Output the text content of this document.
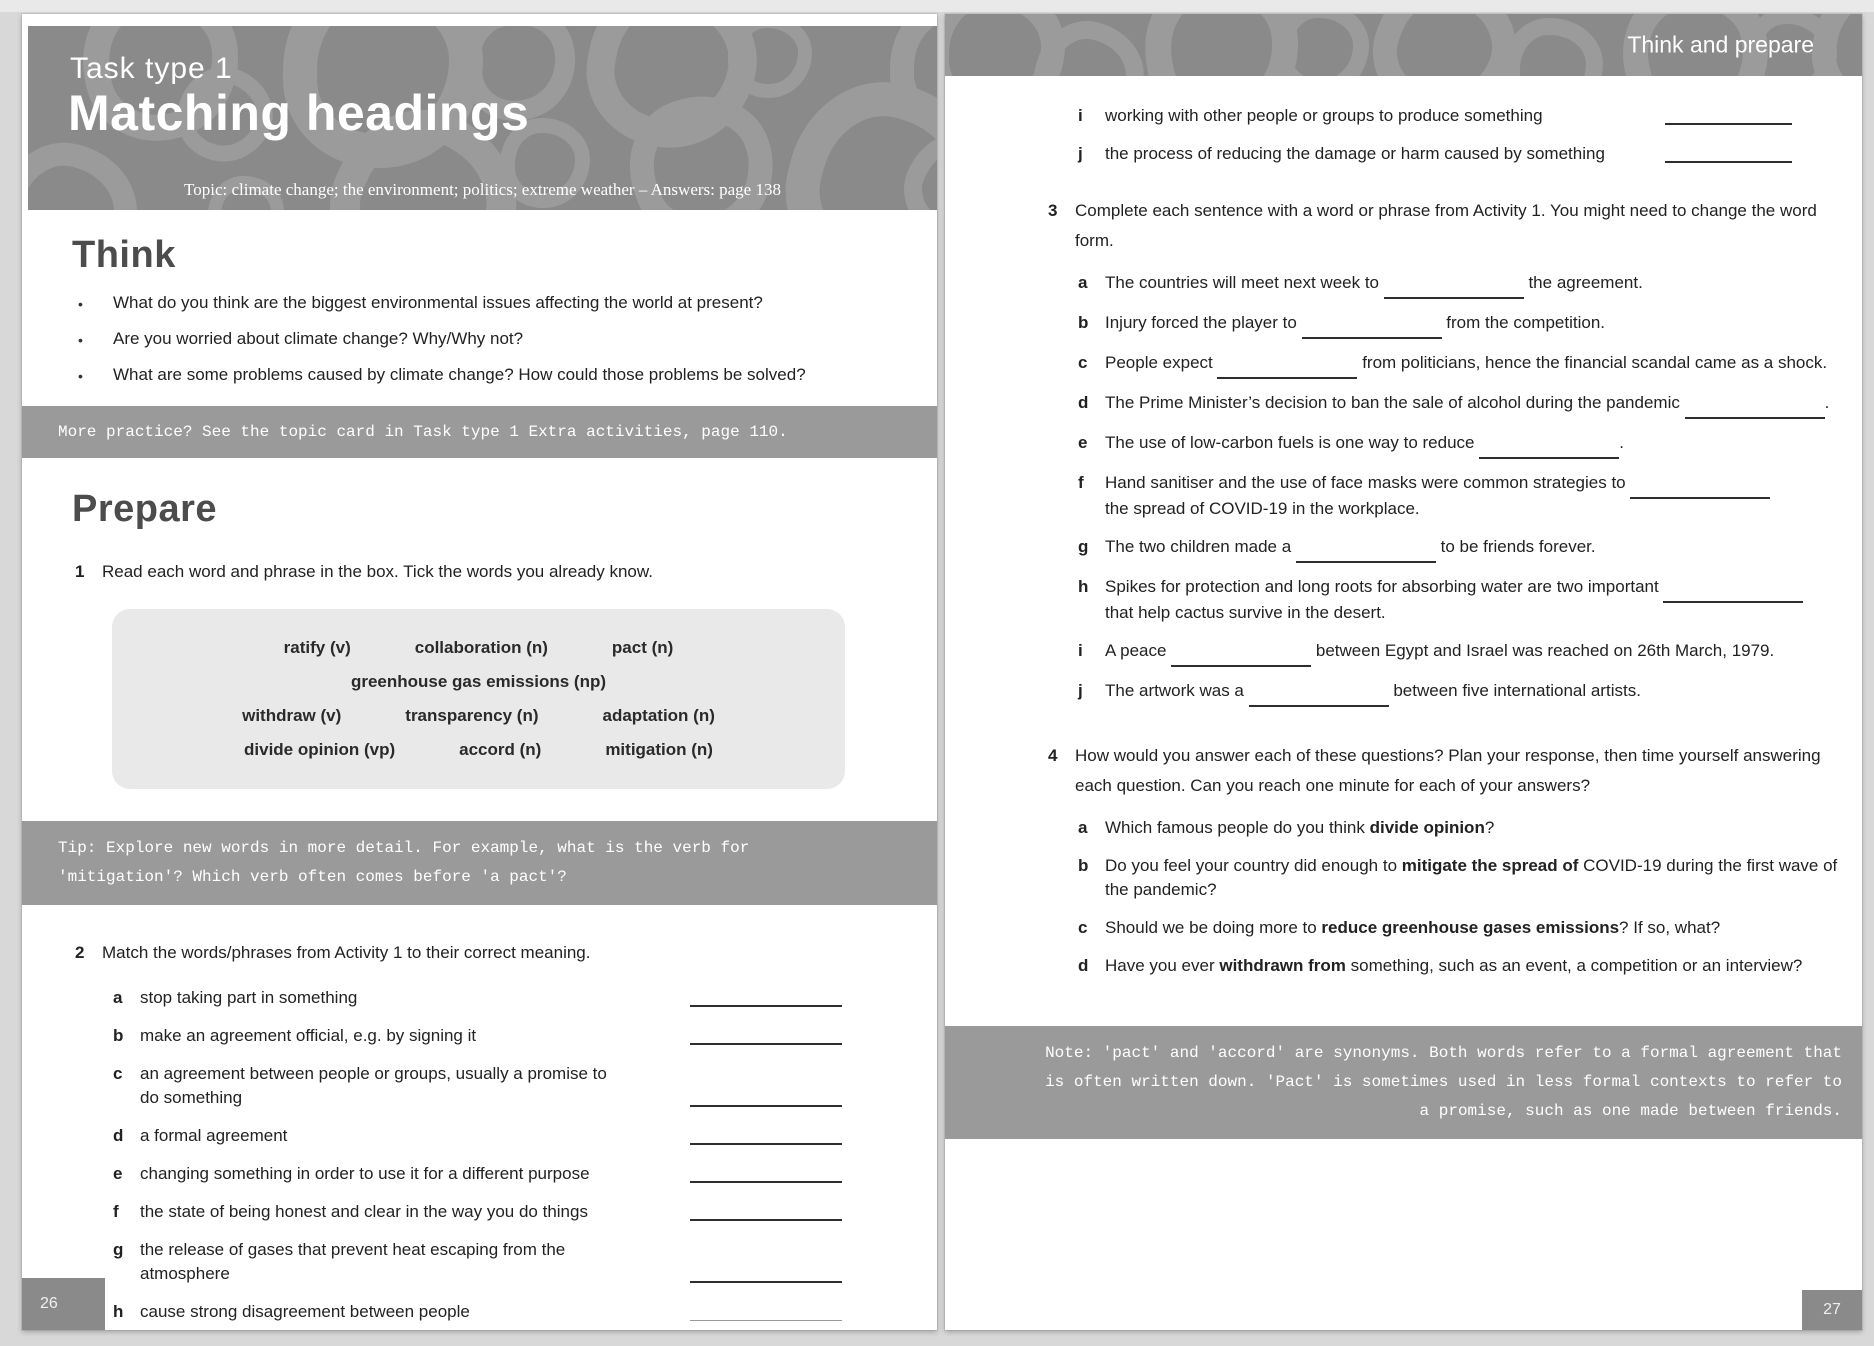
Task type 1
Matching headings
Topic: climate change; the environment; politics; extreme weather – Answers: page 138
Think
•	What do you think are the biggest environmental issues affecting the world at present?
•	Are you worried about climate change? Why/Why not?
•	What are some problems caused by climate change? How could those problems be solved?
More practice? See the topic card in Task type 1 Extra activities, page 110.
Prepare
1	Read each word and phrase in the box. Tick the words you already know.
ratify (v)	collaboration (n)	pact (n)
greenhouse gas emissions (np)
withdraw (v)	transparency (n)	adaptation (n)
divide opinion (vp)	accord (n)	mitigation (n)
Tip: Explore new words in more detail. For example, what is the verb for 'mitigation'? Which verb often comes before 'a pact'?
2	Match the words/phrases from Activity 1 to their correct meaning.
a	stop taking part in something
b make an agreement official, e.g. by signing it
c	an agreement between people or groups, usually a promise to do something
d a formal agreement
e	changing something in order to use it for a different purpose
f	the state of being honest and clear in the way you do things
g the release of gases that prevent heat escaping from the atmosphere
h cause strong disagreement between people
26
Think and prepare
i	working with other people or groups to produce something
j	the process of reducing the damage or harm caused by something
3	Complete each sentence with a word or phrase from Activity 1. You might need to change the word form.
a	The countries will meet next week to	the agreement.
b Injury forced the player to	from the competition.
c	People expect	from politicians, hence the financial scandal came as a shock.
d The Prime Minister’s decision to ban the sale of alcohol during the pandemic	.
e	The use of low-carbon fuels is one way to reduce	.
f	Hand sanitiser and the use of face masks were common strategies to
the spread of COVID-19 in the workplace.
g The two children made a	to be friends forever.
h Spikes for protection and long roots for absorbing water are two important
that help cactus survive in the desert.
i	A peace	between Egypt and Israel was reached on 26th March, 1979.
j	The artwork was a	between five international artists.
4	How would you answer each of these questions? Plan your response, then time yourself answering each question. Can you reach one minute for each of your answers?
a	Which famous people do you think divide opinion?
b Do you feel your country did enough to mitigate the spread of COVID-19 during the first wave of the pandemic?
c	Should we be doing more to reduce greenhouse gases emissions? If so, what?
d Have you ever withdrawn from something, such as an event, a competition or an interview?
Note: 'pact' and 'accord' are synonyms. Both words refer to a formal agreement that is often written down. 'Pact' is sometimes used in less formal contexts to refer to a promise, such as one made between friends.
27
